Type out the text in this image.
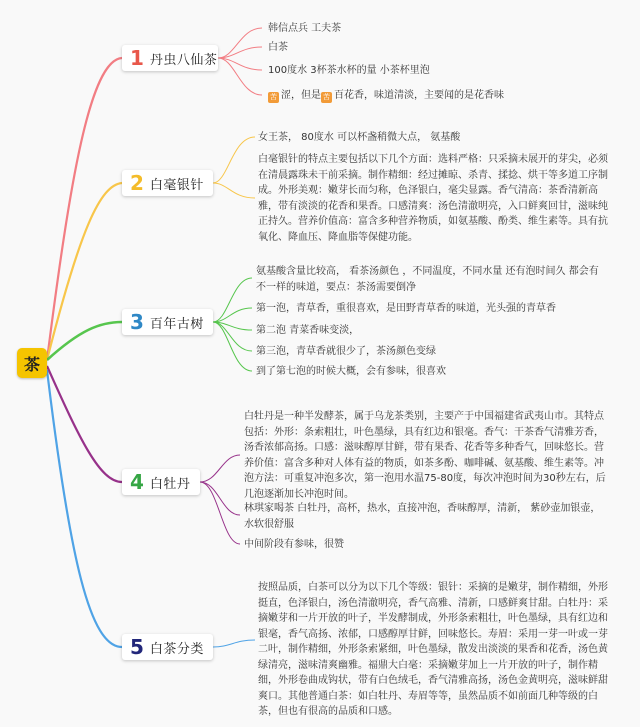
茶
1 丹虫八仙茶
2 白毫银针
3 百年古树
4 白牡丹
5 白茶分类
韩信点兵 工夫茶
白茶
100度水 3杯茶水杯的量 小茶杯里泡
苦 涩，但是 苦 百花香，味道清淡，主要闻的是花香味
女王茶， 80度水 可以杯盏稍微大点， 氨基酸
白毫银针的特点主要包括以下几个方面：选料严格：只采摘未展开的芽尖，必须在清晨露珠未干前采摘。制作精细：经过摊晾、杀青、揉捻、烘干等多道工序制成。外形美观：嫩芽长而匀称，色泽银白，毫尖显露。香气清高：茶香清新高雅，带有淡淡的花香和果香。口感清爽：汤色清澈明亮，入口鲜爽回甘，滋味纯正持久。营养价值高：富含多种营养物质，如氨基酸、酚类、维生素等。具有抗氧化、降血压、降血脂等保健功能。
氨基酸含量比较高， 看茶汤颜色 ，不同温度，不同水量 还有泡时间久 都会有不一样的味道，要点：茶汤需要倒净
第一泡，青草香，重很喜欢，是田野青草香的味道，光头强的青草香
第二泡 青菜香味变淡，
第三泡，青草香就很少了，茶汤颜色变绿
到了第七泡的时候大概，会有参味，很喜欢
白牡丹是一种半发酵茶，属于乌龙茶类别，主要产于中国福建省武夷山市。其特点包括：外形：条索粗壮，叶色墨绿，具有红边和银毫。香气：干茶香气清雅芳香，汤香浓郁高扬。口感：滋味醇厚甘鲜，带有果香、花香等多种香气，回味悠长。营养价值：富含多种对人体有益的物质，如茶多酚、咖啡碱、氨基酸、维生素等。冲泡方法：可重复冲泡多次，第一泡用水温75-80度，每次冲泡时间为30秒左右，后几泡逐渐加长冲泡时间。
林琪家喝茶 白牡丹，高杯，热水，直接冲泡，香味醇厚，清新， 紫砂壶加银壶，水软很舒服
中间阶段有参味，很赞
按照品质，白茶可以分为以下几个等级：银针：采摘的是嫩芽，制作精细，外形挺直，色泽银白，汤色清澈明亮，香气高雅、清新，口感鲜爽甘甜。白牡丹：采摘嫩芽和一片开放的叶子，半发酵制成，外形条索粗壮，叶色墨绿，具有红边和银毫，香气高扬、浓郁，口感醇厚甘鲜，回味悠长。寿眉：采用一芽一叶或一芽二叶，制作精细，外形条索紧细，叶色墨绿，散发出淡淡的果香和花香，汤色黄绿清亮，滋味清爽幽雅。福鼎大白毫：采摘嫩芽加上一片开放的叶子，制作精细，外形卷曲成钩状，带有白色绒毛，香气清雅高扬，汤色金黄明亮，滋味鲜甜爽口。其他普通白茶：如白牡丹、寿眉等等，虽然品质不如前面几种等级的白茶，但也有很高的品质和口感。
